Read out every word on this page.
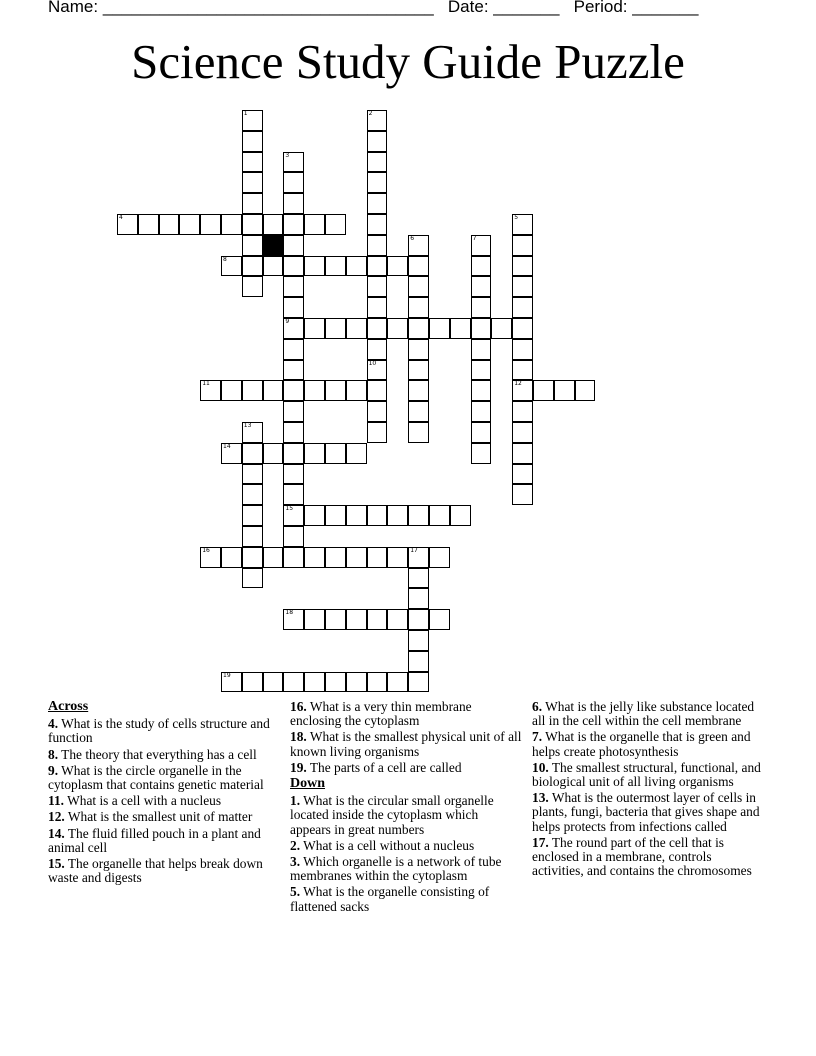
Name: ___________________________________ Date: _______ Period: _______
Science Study Guide Puzzle
1	2
10
3
9
15
4	5
12
6	7
8
11
13
14
16	17
18
19
Across
4. What is the study of cells structure and function
8. The theory that everything has a cell
9. What is the circle organelle in the cytoplasm that contains genetic material
11. What is a cell with a nucleus
12. What is the smallest unit of matter
14. The fluid filled pouch in a plant and animal cell
15. The organelle that helps break down waste and digests
16. What is a very thin membrane enclosing the cytoplasm
18. What is the smallest physical unit of all known living organisms
19. The parts of a cell are called
Down
1. What is the circular small organelle located inside the cytoplasm which appears in great numbers
2. What is a cell without a nucleus
3. Which organelle is a network of tube membranes within the cytoplasm
5. What is the organelle consisting of flattened sacks
6. What is the jelly like substance located all in the cell within the cell membrane
7. What is the organelle that is green and helps create photosynthesis
10. The smallest structural, functional, and biological unit of all living organisms
13. What is the outermost layer of cells in plants, fungi, bacteria that gives shape and helps protects from infections called
17. The round part of the cell that is enclosed in a membrane, controls activities, and contains the chromosomes
